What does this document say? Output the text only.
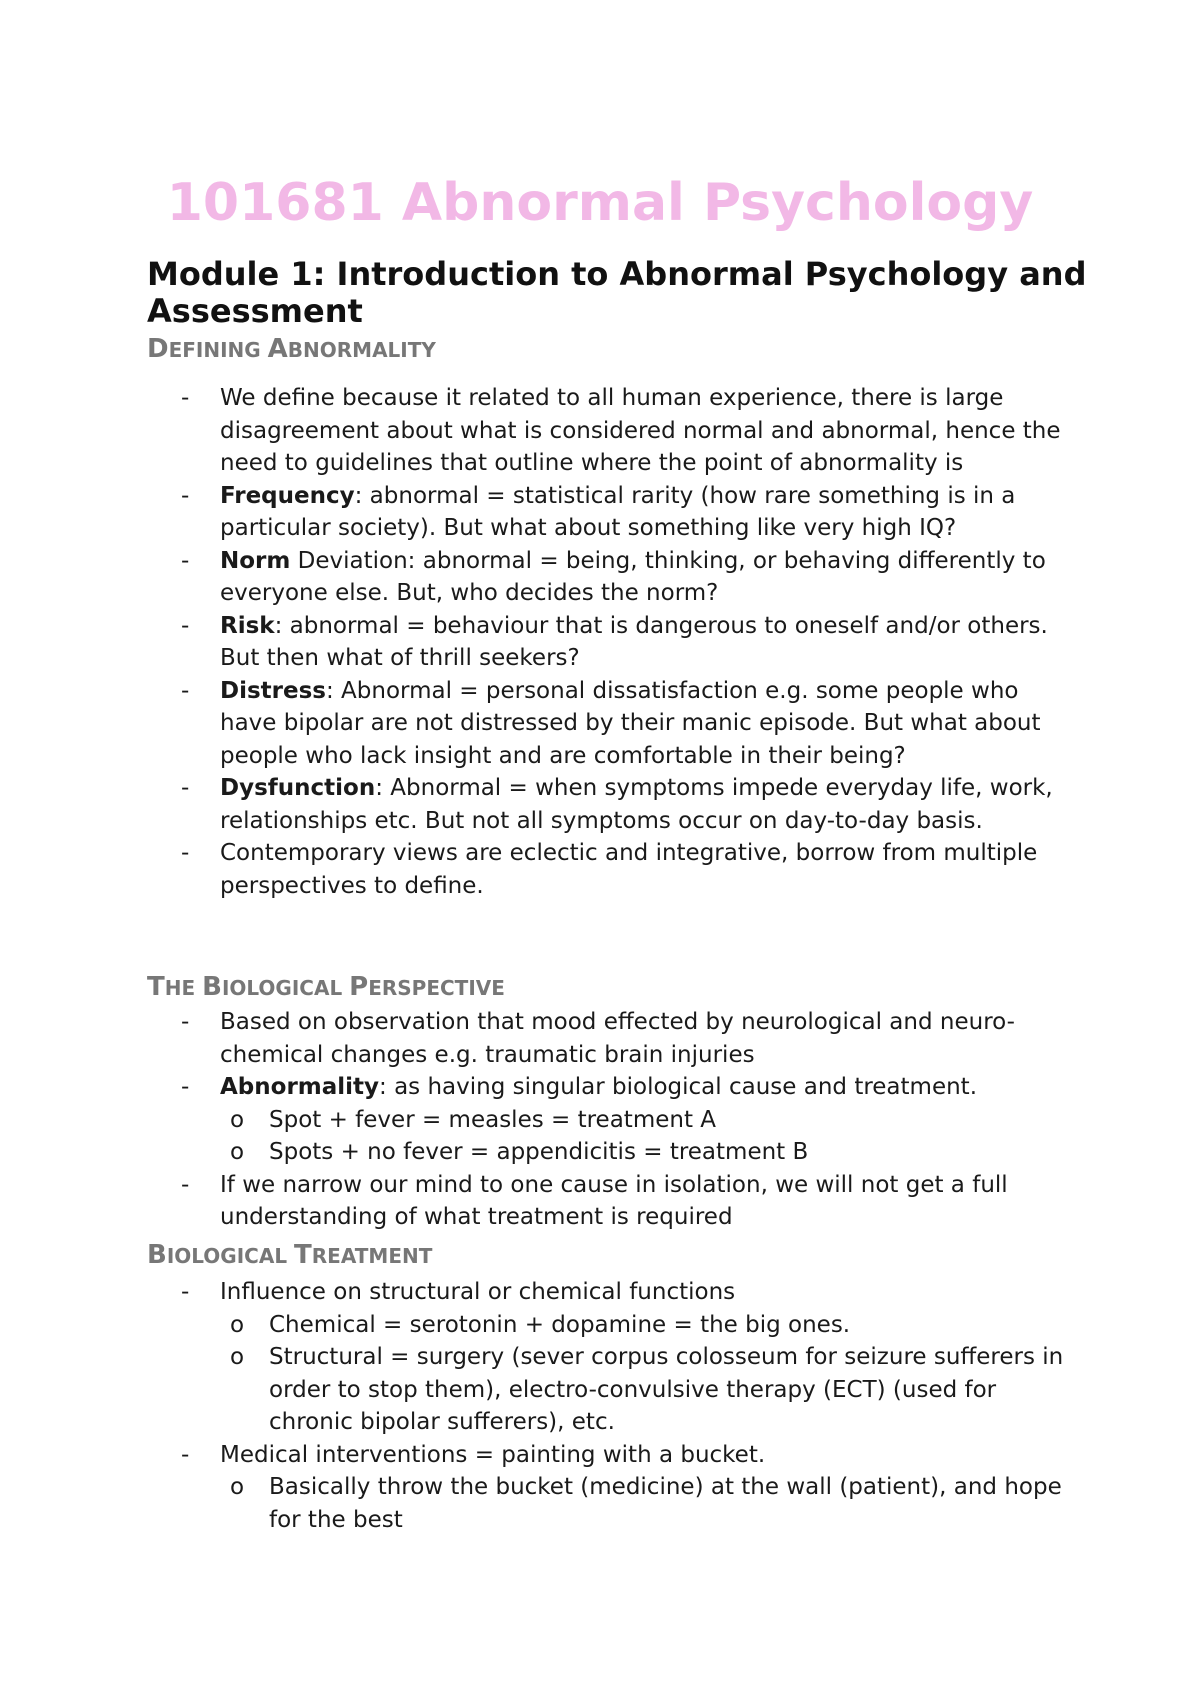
101681 Abnormal Psychology
Module 1: Introduction to Abnormal Psychology and Assessment
DEFINING ABNORMALITY
-	We define because it related to all human experience, there is large disagreement about what is considered normal and abnormal, hence the need to guidelines that outline where the point of abnormality is
-	Frequency: abnormal = statistical rarity (how rare something is in a particular society). But what about something like very high IQ?
-	Norm Deviation: abnormal = being, thinking, or behaving differently to everyone else. But, who decides the norm?
-	Risk: abnormal = behaviour that is dangerous to oneself and/or others. But then what of thrill seekers?
-	Distress: Abnormal = personal dissatisfaction e.g. some people who have bipolar are not distressed by their manic episode. But what about people who lack insight and are comfortable in their being?
-	Dysfunction: Abnormal = when symptoms impede everyday life, work, relationships etc. But not all symptoms occur on day-to-day basis.
-	Contemporary views are eclectic and integrative, borrow from multiple perspectives to define.
THE BIOLOGICAL PERSPECTIVE
-	Based on observation that mood effected by neurological and neuro-chemical changes e.g. traumatic brain injuries
-	Abnormality: as having singular biological cause and treatment.
o Spot + fever = measles = treatment A
o Spots + no fever = appendicitis = treatment B
-	If we narrow our mind to one cause in isolation, we will not get a full understanding of what treatment is required
BIOLOGICAL TREATMENT
-	Influence on structural or chemical functions
o Chemical = serotonin + dopamine = the big ones.
o Structural = surgery (sever corpus colosseum for seizure sufferers in order to stop them), electro-convulsive therapy (ECT) (used for chronic bipolar sufferers), etc.
-	Medical interventions = painting with a bucket.
o Basically throw the bucket (medicine) at the wall (patient), and hope for the best
